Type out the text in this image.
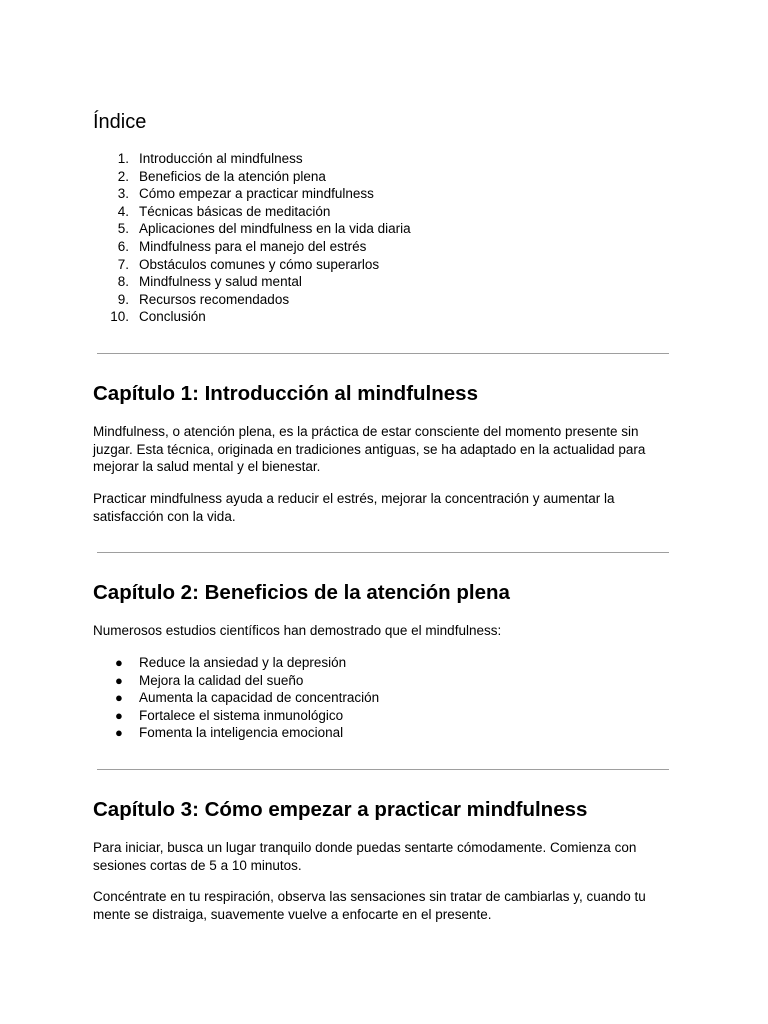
Índice
1. Introducción al mindfulness
2. Beneficios de la atención plena
3. Cómo empezar a practicar mindfulness
4. Técnicas básicas de meditación
5. Aplicaciones del mindfulness en la vida diaria
6. Mindfulness para el manejo del estrés
7. Obstáculos comunes y cómo superarlos
8. Mindfulness y salud mental
9. Recursos recomendados
10. Conclusión
Capítulo 1: Introducción al mindfulness

Mindfulness, o atención plena, es la práctica de estar consciente del momento presente sin juzgar. Esta técnica, originada en tradiciones antiguas, se ha adaptado en la actualidad para mejorar la salud mental y el bienestar.

Practicar mindfulness ayuda a reducir el estrés, mejorar la concentración y aumentar la satisfacción con la vida.

Capítulo 2: Beneficios de la atención plena

Numerosos estudios científicos han demostrado que el mindfulness:

● Reduce la ansiedad y la depresión
● Mejora la calidad del sueño
● Aumenta la capacidad de concentración
● Fortalece el sistema inmunológico
● Fomenta la inteligencia emocional
Capítulo 3: Cómo empezar a practicar mindfulness

Para iniciar, busca un lugar tranquilo donde puedas sentarte cómodamente. Comienza con sesiones cortas de 5 a 10 minutos.

Concéntrate en tu respiración, observa las sensaciones sin tratar de cambiarlas y, cuando tu mente se distraiga, suavemente vuelve a enfocarte en el presente.
